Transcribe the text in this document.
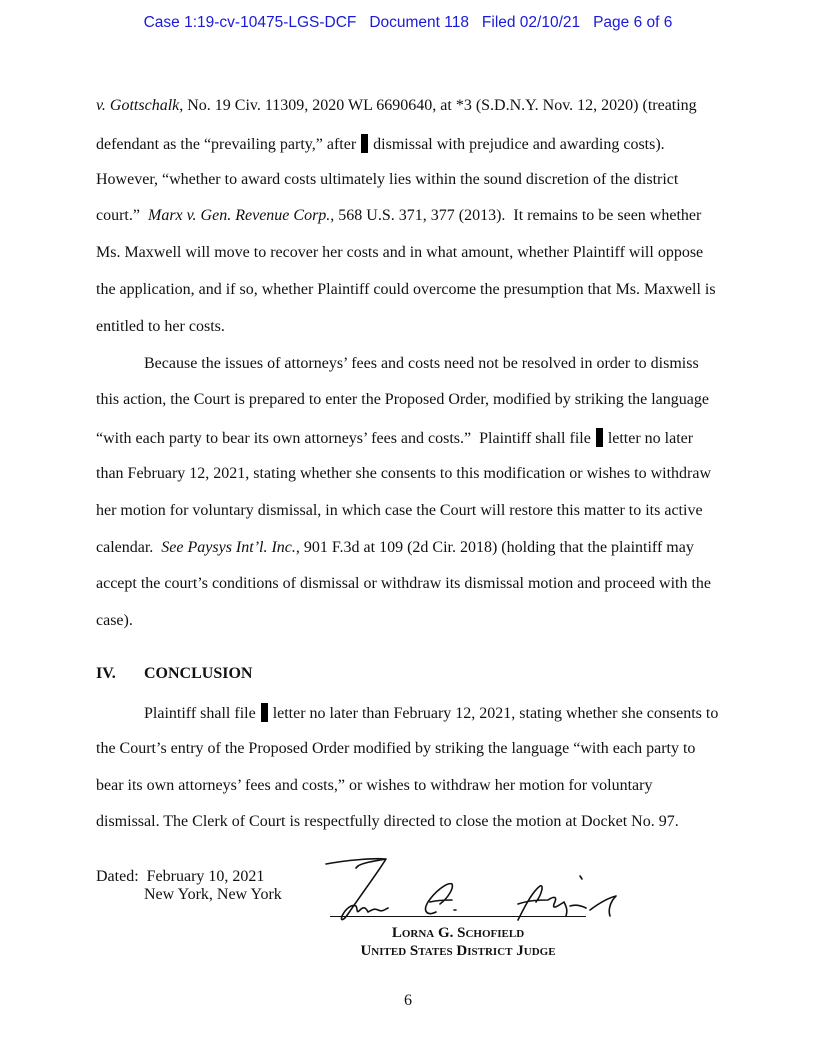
Case 1:19-cv-10475-LGS-DCF Document 118 Filed 02/10/21 Page 6 of 6
v. Gottschalk, No. 19 Civ. 11309, 2020 WL 6690640, at *3 (S.D.N.Y. Nov. 12, 2020) (treating
defendant as the “prevailing party,” after dismissal with prejudice and awarding costs).
However, “whether to award costs ultimately lies within the sound discretion of the district
court.”  Marx v. Gen. Revenue Corp., 568 U.S. 371, 377 (2013).  It remains to be seen whether
Ms. Maxwell will move to recover her costs and in what amount, whether Plaintiff will oppose
the application, and if so, whether Plaintiff could overcome the presumption that Ms. Maxwell is
entitled to her costs.
Because the issues of attorneys’ fees and costs need not be resolved in order to dismiss
this action, the Court is prepared to enter the Proposed Order, modified by striking the language
“with each party to bear its own attorneys’ fees and costs.”  Plaintiff shall file letter no later
than February 12, 2021, stating whether she consents to this modification or wishes to withdraw
her motion for voluntary dismissal, in which case the Court will restore this matter to its active
calendar.  See Paysys Int’l. Inc., 901 F.3d at 109 (2d Cir. 2018) (holding that the plaintiff may
accept the court’s conditions of dismissal or withdraw its dismissal motion and proceed with the
case).
IV. CONCLUSION
Plaintiff shall file letter no later than February 12, 2021, stating whether she consents to
the Court’s entry of the Proposed Order modified by striking the language “with each party to
bear its own attorneys’ fees and costs,” or wishes to withdraw her motion for voluntary
dismissal. The Clerk of Court is respectfully directed to close the motion at Docket No. 97.
Dated:  February 10, 2021
New York, New York
Lorna G. Schofield
United States District Judge
6
